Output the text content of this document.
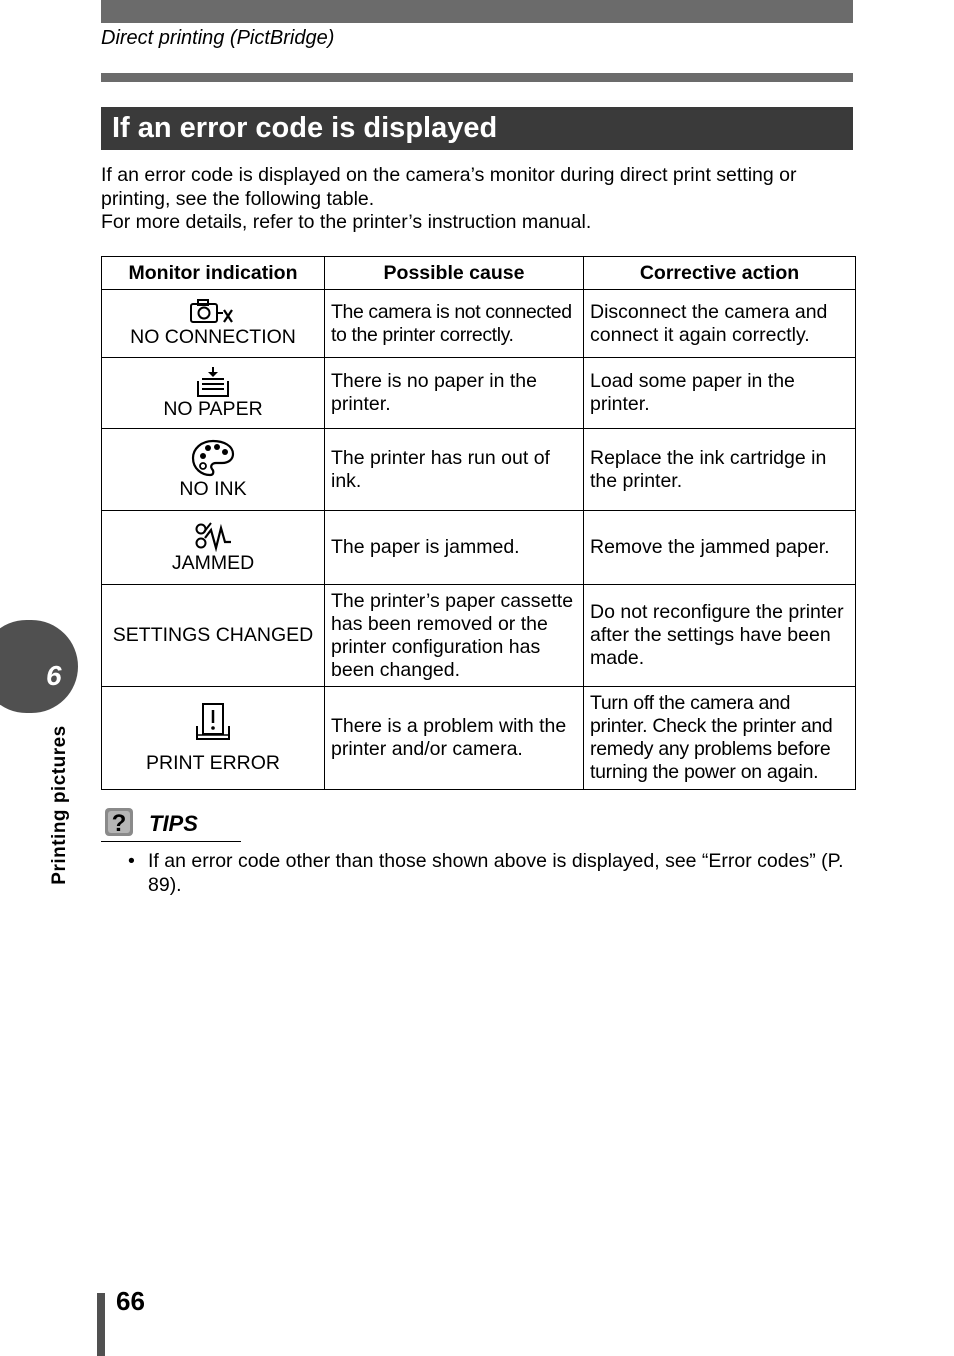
Direct printing (PictBridge)
If an error code is displayed

If an error code is displayed on the camera’s monitor during direct print setting or printing, see the following table.

For more details, refer to the printer’s instruction manual.

Monitor indication	Possible cause	Corrective action

NO CONNECTION	The camera is not connected to the printer correctly.	Disconnect the camera and connect it again correctly.

NO PAPER	There is no paper in the printer.	Load some paper in the printer.

NO INK	The printer has run out of ink.	Replace the ink cartridge in the printer.

JAMMED	The paper is jammed.	Remove the jammed paper.

SETTINGS CHANGED	The printer’s paper cassette has been removed or the printer configuration has been changed.	Do not reconfigure the printer after the settings have been made.

PRINT ERROR	There is a problem with the printer and/or camera.	Turn off the camera and printer. Check the printer and remedy any problems before turning the power on again.
6
Printing pictures ? TIPS
• If an error code other than those shown above is displayed, see “Error codes” (P. 89).
66
